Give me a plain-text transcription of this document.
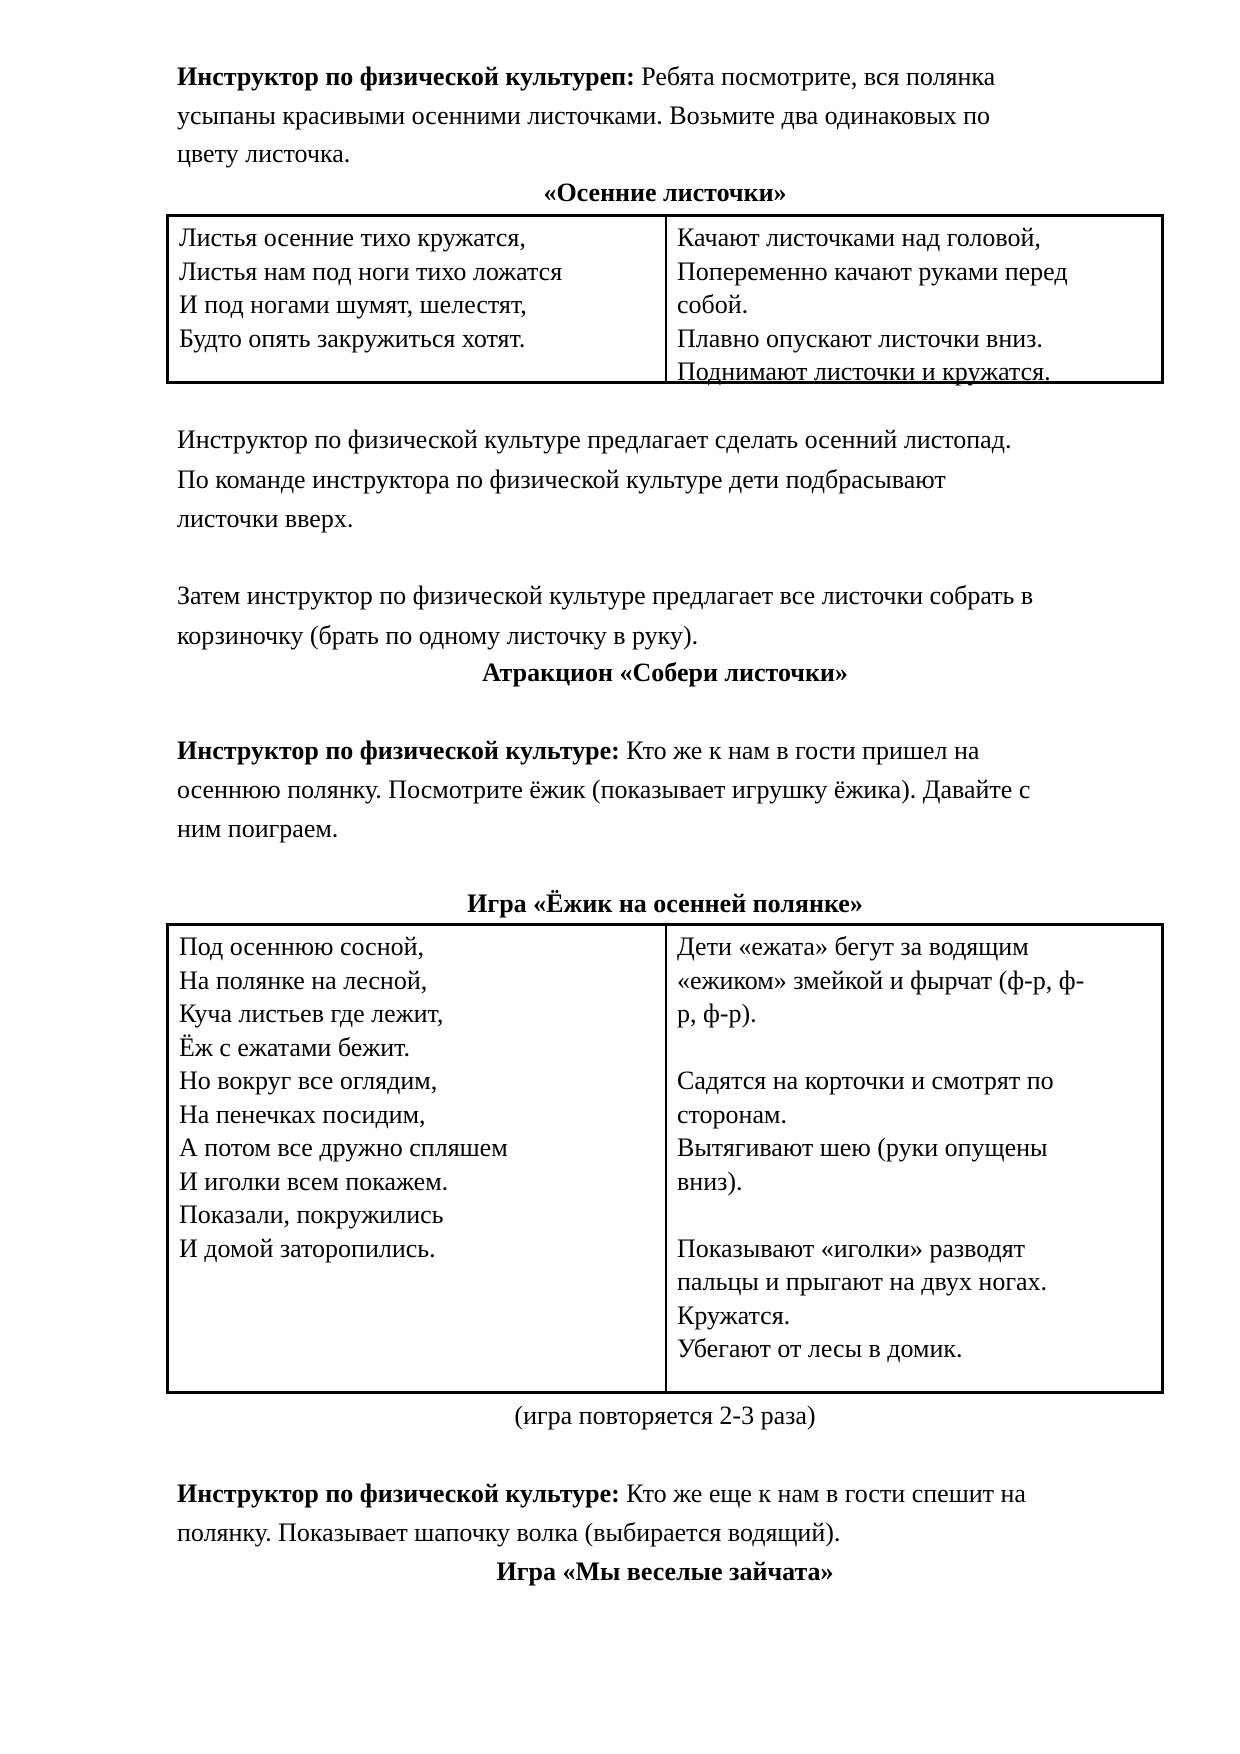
Инструктор по физической культуреп: Ребята посмотрите, вся полянка

усыпаны красивыми осенними листочками. Возьмите два одинаковых по

цвету листочка.

«Осенние листочки»

Листья осенние тихо кружатся,
Листья нам под ноги тихо ложатся
И под ногами шумят, шелестят,
Будто опять закружиться хотят.
Качают листочками над головой,
Попеременно качают руками перед
собой.
Плавно опускают листочки вниз.
Поднимают листочки и кружатся.

Инструктор по физической культуре предлагает сделать осенний листопад.

По команде инструктора по физической культуре дети подбрасывают

листочки вверх.

Затем инструктор по физической культуре предлагает все листочки собрать в

корзиночку (брать по одному листочку в руку).

Атракцион «Собери листочки»

Инструктор по физической культуре: Кто же к нам в гости пришел на

осеннюю полянку. Посмотрите ёжик (показывает игрушку ёжика). Давайте с

ним поиграем.

Игра «Ёжик на осенней полянке»

Под осеннюю сосной,
На полянке на лесной,
Куча листьев где лежит,
Ёж с ежатами бежит.
Но вокруг все оглядим,
На пенечках посидим,
А потом все дружно спляшем
И иголки всем покажем.
Показали, покружились
И домой заторопились.
Дети «ежата» бегут за водящим
«ежиком» змейкой и фырчат (ф-р, ф-
р, ф-р).
Садятся на корточки и смотрят по
сторонам.
Вытягивают шею (руки опущены
вниз).
Показывают «иголки» разводят
пальцы и прыгают на двух ногах.
Кружатся.
Убегают от лесы в домик.

(игра повторяется 2-3 раза)

Инструктор по физической культуре: Кто же еще к нам в гости спешит на

полянку. Показывает шапочку волка (выбирается водящий).

Игра «Мы веселые зайчата»
